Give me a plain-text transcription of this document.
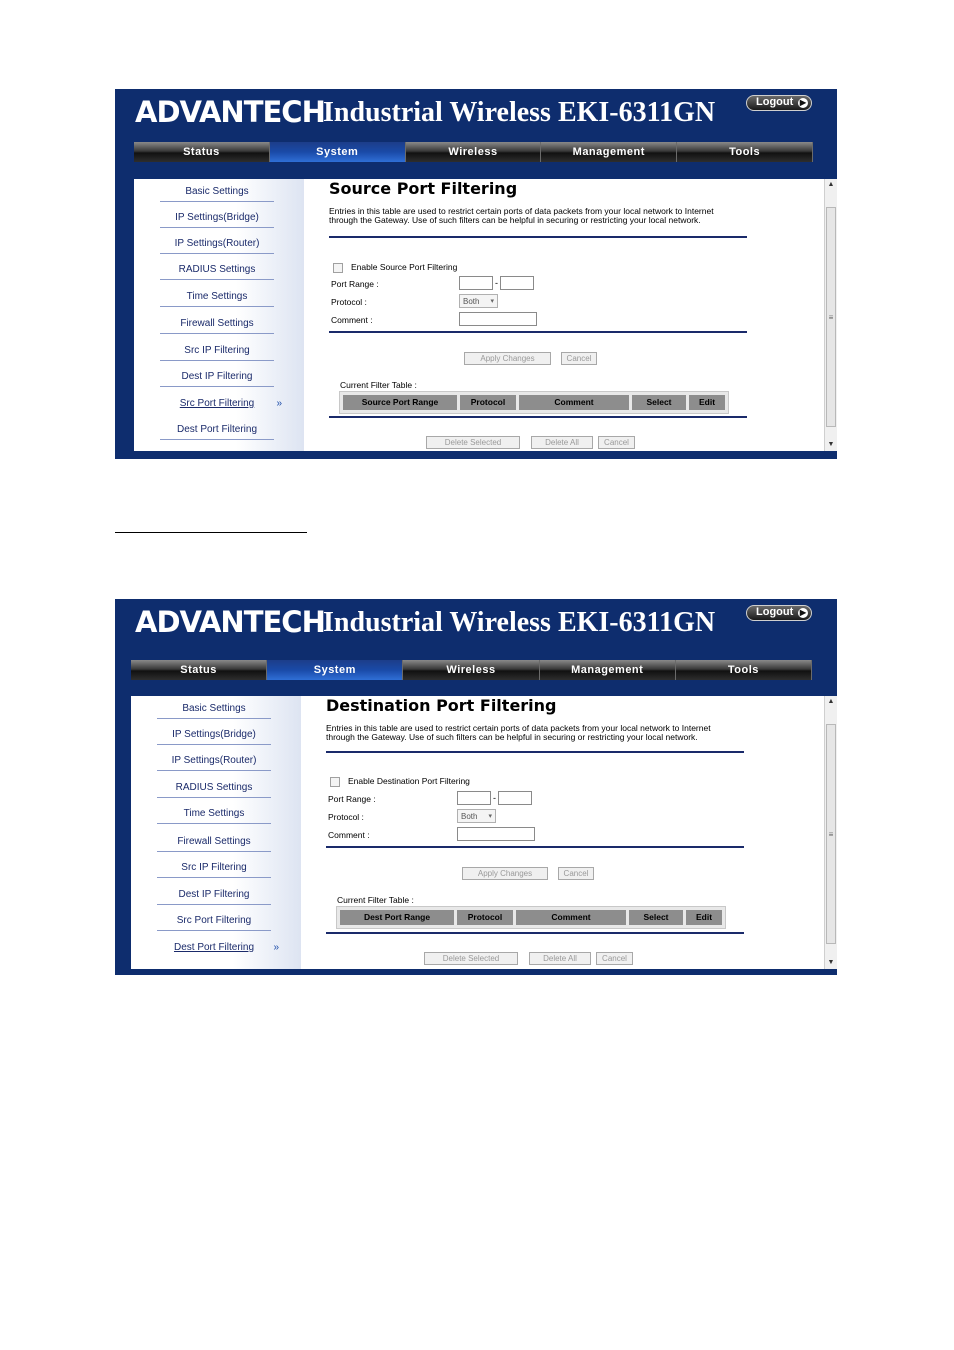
ADVANTECH
Industrial Wireless EKI-6311GN	Logout ▶
Status	System	Wireless	Management	Tools
Basic Settings
IP Settings(Bridge)
IP Settings(Router)
RADIUS Settings
Time Settings
Firewall Settings
Src IP Filtering
Dest IP Filtering
Src Port Filtering »
Dest Port Filtering
Source Port Filtering
Entries in this table are used to restrict certain ports of data packets from your local network to Internet through the Gateway. Use of such filters can be helpful in securing or restricting your local network.
Enable Source Port Filtering
Port Range :	-
Protocol :	Both ▾
Comment :
Apply Changes	Cancel
Current Filter Table :
Source Port Range	Protocol	Comment	Select	Edit
Delete Selected	Delete All	Cancel
▲
≡
▼
ADVANTECH
Industrial Wireless EKI-6311GN	Logout ▶
Status	System	Wireless	Management	Tools
Basic Settings
IP Settings(Bridge)
IP Settings(Router)
RADIUS Settings
Time Settings
Firewall Settings
Src IP Filtering
Dest IP Filtering
Src Port Filtering
Dest Port Filtering »
Destination Port Filtering
Entries in this table are used to restrict certain ports of data packets from your local network to Internet through the Gateway. Use of such filters can be helpful in securing or restricting your local network.
Enable Destination Port Filtering
Port Range :	-
Protocol :	Both ▾
Comment :
Apply Changes	Cancel
Current Filter Table :
Dest Port Range	Protocol	Comment	Select	Edit
Delete Selected	Delete All	Cancel
▲
≡
▼
